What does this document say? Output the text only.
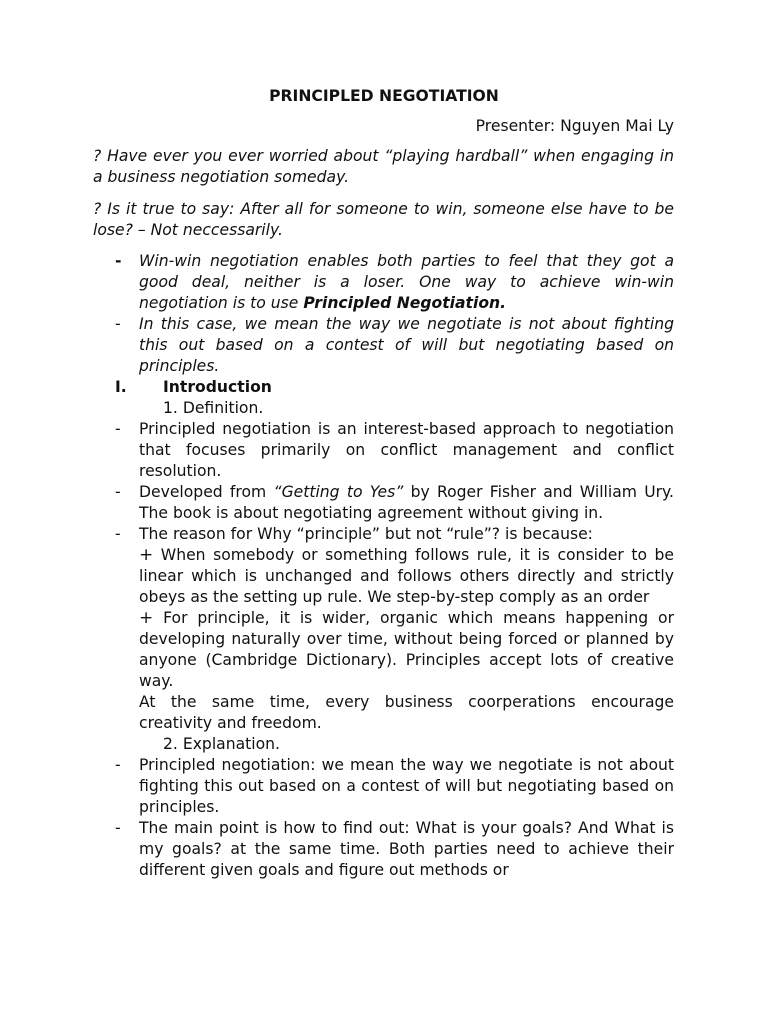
PRINCIPLED NEGOTIATION
Presenter: Nguyen Mai Ly

? Have ever you ever worried about “playing hardball” when engaging in a business negotiation someday.

? Is it true to say: After all for someone to win, someone else have to be lose? – Not neccessarily.

- Win-win negotiation enables both parties to feel that they got a good deal, neither is a loser. One way to achieve win-win negotiation is to use Principled Negotiation.
- In this case, we mean the way we negotiate is not about fighting this out based on a contest of will but negotiating based on principles.
I. Introduction
1. Definition.
- Principled negotiation is an interest-based approach to negotiation that focuses primarily on conflict management and conflict resolution.
- Developed from “Getting to Yes” by Roger Fisher and William Ury. The book is about negotiating agreement without giving in.
- The reason for Why “principle” but not “rule”? is because:
+ When somebody or something follows rule, it is consider to be linear which is unchanged and follows others directly and strictly obeys as the setting up rule. We step-by-step comply as an order
+ For principle, it is wider, organic which means happening or developing naturally over time, without being forced or planned by anyone (Cambridge Dictionary). Principles accept lots of creative way.
At the same time, every business coorperations encourage creativity and freedom.
2. Explanation.
- Principled negotiation: we mean the way we negotiate is not about fighting this out based on a contest of will but negotiating based on principles.
- The main point is how to find out: What is your goals? And What is my goals? at the same time. Both parties need to achieve their different given goals and figure out methods or
